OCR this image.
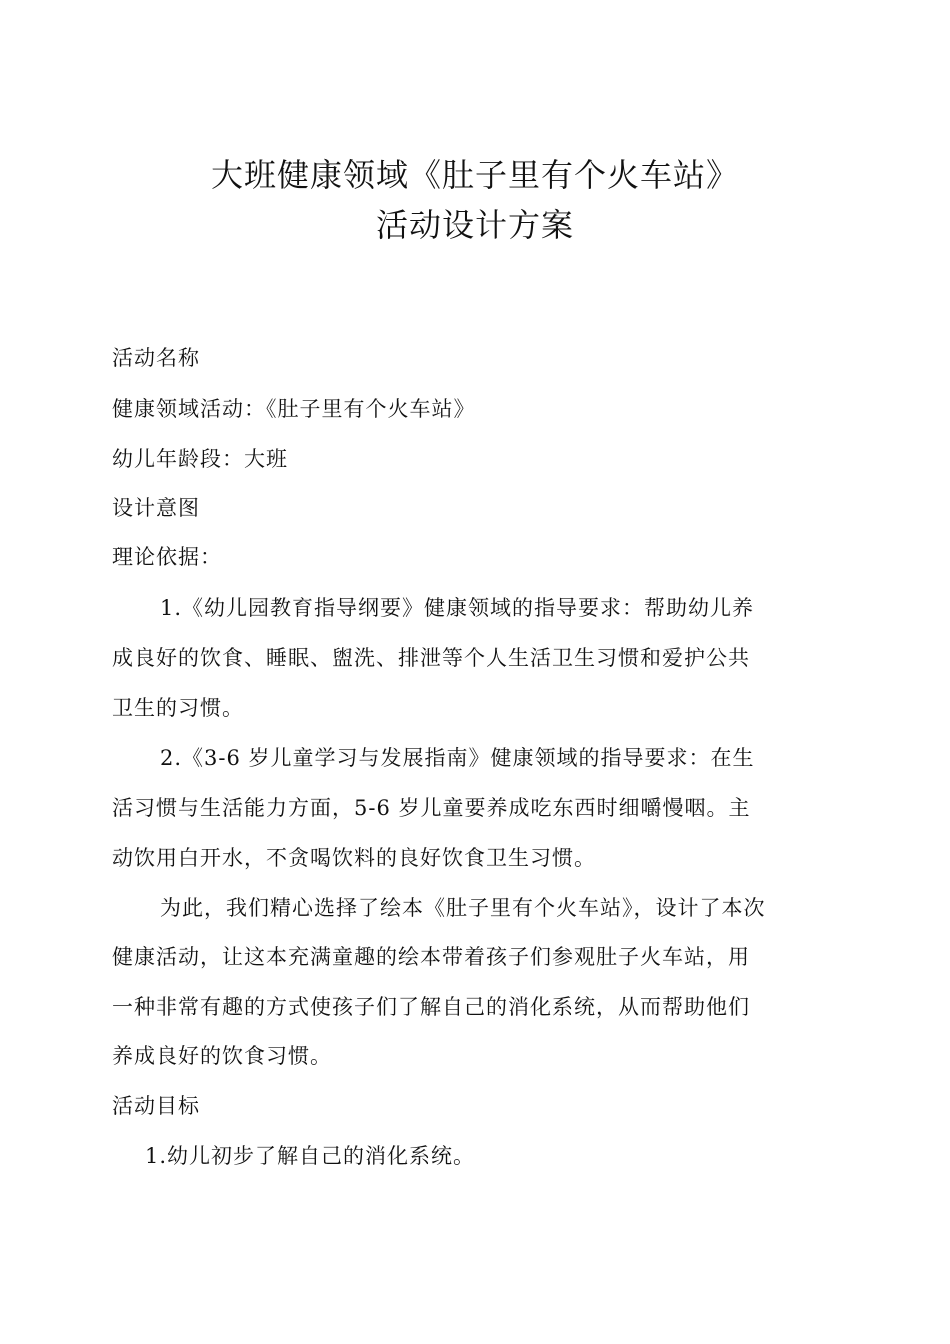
大班健康领域《肚子里有个火车站》
活动设计方案
活动名称
健康领域活动：《肚子里有个火车站》
幼儿年龄段：大班
设计意图
理论依据：
1.《幼儿园教育指导纲要》健康领域的指导要求：帮助幼儿养
成良好的饮食、睡眠、盥洗、排泄等个人生活卫生习惯和爱护公共
卫生的习惯。
2.《3-6 岁儿童学习与发展指南》健康领域的指导要求：在生
活习惯与生活能力方面，5-6 岁儿童要养成吃东西时细嚼慢咽。主
动饮用白开水，不贪喝饮料的良好饮食卫生习惯。
为此，我们精心选择了绘本《肚子里有个火车站》，设计了本次
健康活动，让这本充满童趣的绘本带着孩子们参观肚子火车站，用
一种非常有趣的方式使孩子们了解自己的消化系统，从而帮助他们
养成良好的饮食习惯。
活动目标
1.幼儿初步了解自己的消化系统。
